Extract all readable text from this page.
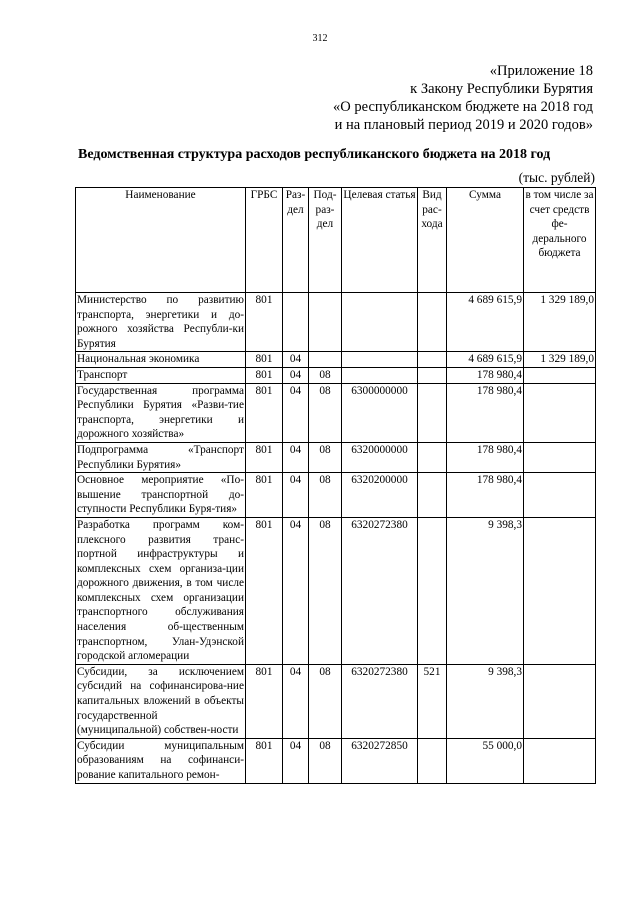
312
«Приложение 18
к Закону Республики Бурятия
«О республиканском бюджете на 2018 год
и на плановый период 2019 и 2020 годов»
Ведомственная структура расходов республиканского бюджета на 2018 год
(тыс. рублей)
Наименование	ГРБС	Раз-дел	Под-раз-дел	Целевая статья	Вид рас-хода	Сумма	в том числе за счет средств фе-дерального бюджета
Министерство по развитию транспорта, энергетики и до-рожного хозяйства Республи-ки Бурятия	801					4 689 615,9	1 329 189,0
Национальная экономика	801	04				4 689 615,9	1 329 189,0
Транспорт	801	04	08			178 980,4	
Государственная программа Республики Бурятия «Разви-тие транспорта, энергетики и дорожного хозяйства»	801	04	08	6300000000		178 980,4	
Подпрограмма «Транспорт Республики Бурятия»	801	04	08	6320000000		178 980,4	
Основное мероприятие «По-вышение транспортной до-ступности Республики Буря-тия»	801	04	08	6320200000		178 980,4	
Разработка программ ком-плексного развития транс-портной инфраструктуры и комплексных схем организа-ции дорожного движения, в том числе комплексных схем организации транспортного обслуживания населения об-щественным транспортном, Улан-Удэнской городской агломерации	801	04	08	6320272380		9 398,3	
Субсидии, за исключением субсидий на софинансирова-ние капитальных вложений в объекты государственной (муниципальной) собствен-ности	801	04	08	6320272380	521	9 398,3	
Субсидии муниципальным образованиям на софинанси-рование капитального ремон-	801	04	08	6320272850		55 000,0	
